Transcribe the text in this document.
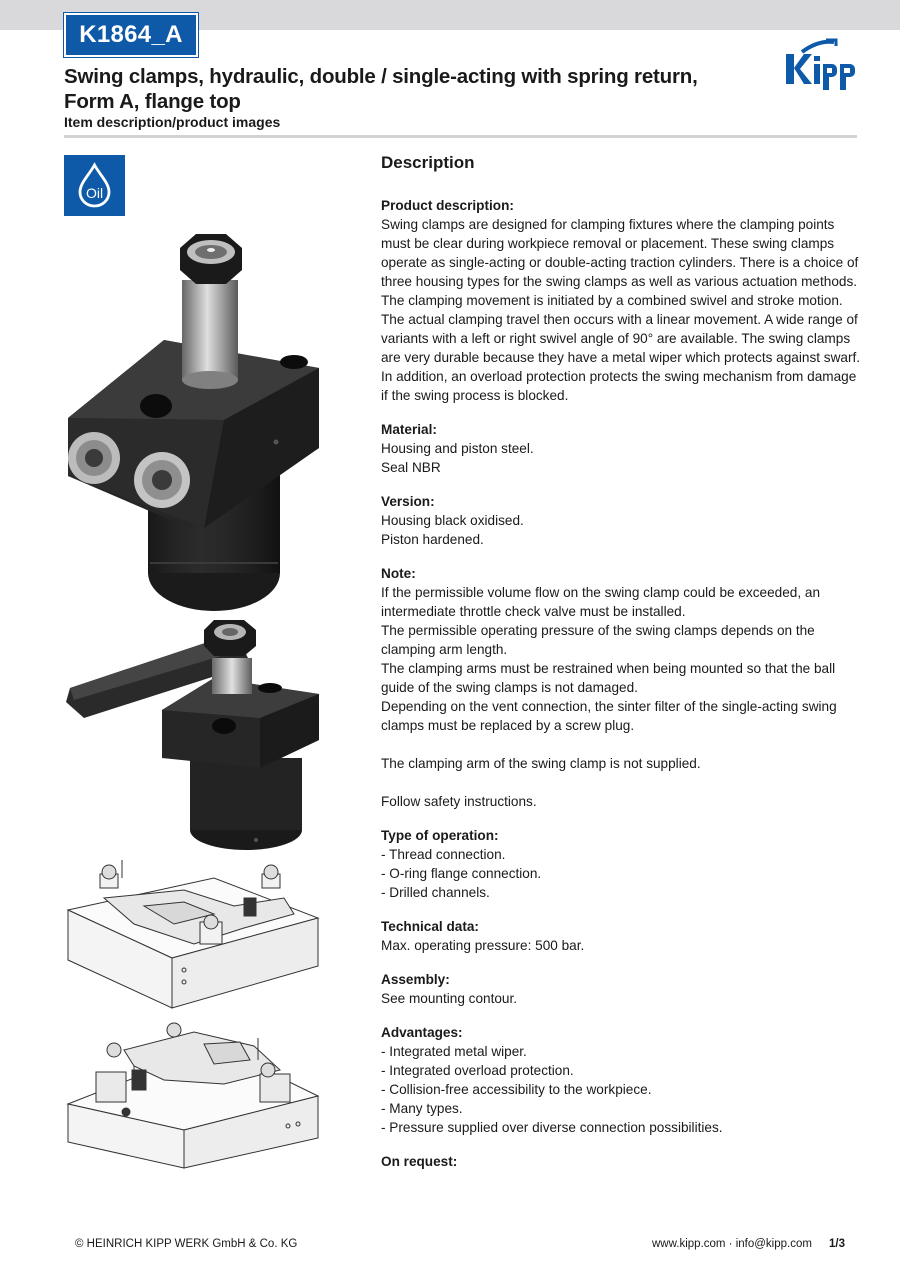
K1864_A
Swing clamps, hydraulic, double / single-acting with spring return, Form A, flange top
Item description/product images
Oil
Description
Product description:
Swing clamps are designed for clamping fixtures where the clamping points must be clear during workpiece removal or placement. These swing clamps operate as single-acting or double-acting traction cylinders. There is a choice of three housing types for the swing clamps as well as various actuation methods. The clamping movement is initiated by a combined swivel and stroke motion. The actual clamping travel then occurs with a linear movement. A wide range of variants with a left or right swivel angle of 90° are available. The swing clamps are very durable because they have a metal wiper which protects against swarf. In addition, an overload protection protects the swing mechanism from damage if the swing process is blocked.
Material:
Housing and piston steel.
Seal NBR
Version:
Housing black oxidised.
Piston hardened.
Note:
If the permissible volume flow on the swing clamp could be exceeded, an intermediate throttle check valve must be installed.
The permissible operating pressure of the swing clamps depends on the clamping arm length.
The clamping arms must be restrained when being mounted so that the ball guide of the swing clamps is not damaged.
Depending on the vent connection, the sinter filter of the single-acting swing clamps must be replaced by a screw plug.
The clamping arm of the swing clamp is not supplied.
Follow safety instructions.
Type of operation:
- Thread connection.
- O-ring flange connection.
- Drilled channels.
Technical data:
Max. operating pressure: 500 bar.
Assembly:
See mounting contour.
Advantages:
- Integrated metal wiper.
- Integrated overload protection.
- Collision-free accessibility to the workpiece.
- Many types.
- Pressure supplied over diverse connection possibilities.
On request:
© HEINRICH KIPP WERK GmbH & Co. KG	www.kipp.com · info@kipp.com 1/3
